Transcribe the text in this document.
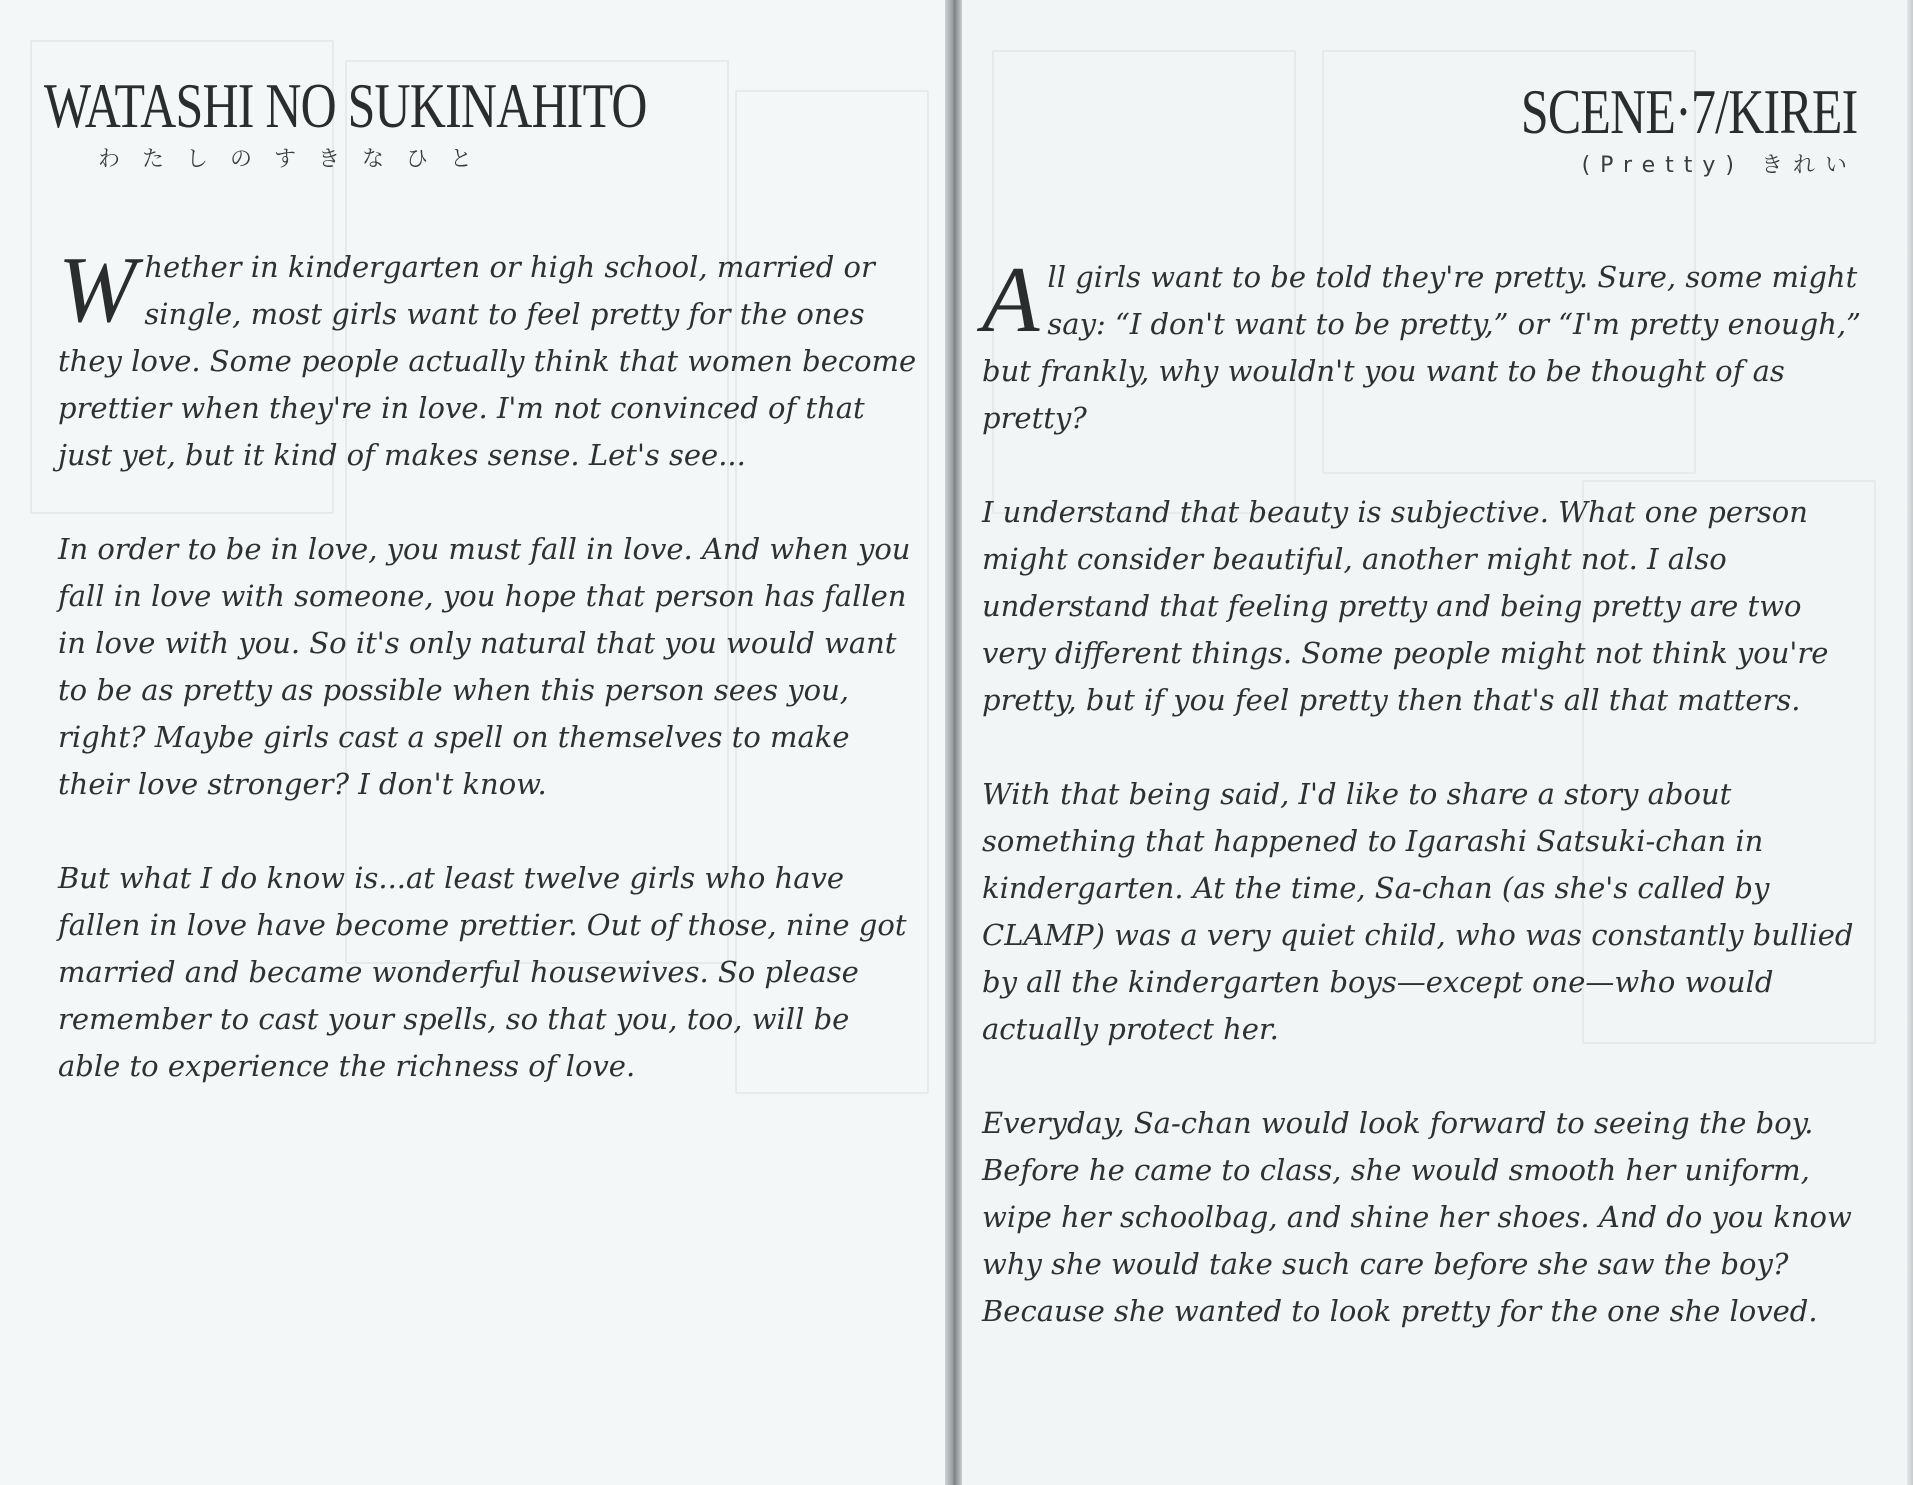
WATASHI NO SUKINAHITO
わたしのすきなひと

Whether in kindergarten or high school, married or single, most girls want to feel pretty for the ones they love. Some people actually think that women become prettier when they're in love. I'm not convinced of that just yet, but it kind of makes sense. Let's see...

In order to be in love, you must fall in love. And when you fall in love with someone, you hope that person has fallen in love with you. So it's only natural that you would want to be as pretty as possible when this person sees you, right? Maybe girls cast a spell on themselves to make their love stronger? I don't know.

But what I do know is...at least twelve girls who have fallen in love have become prettier. Out of those, nine got married and became wonderful housewives. So please remember to cast your spells, so that you, too, will be able to experience the richness of love.

SCENE·7/KIREI
(Pretty) きれい

All girls want to be told they're pretty. Sure, some might say: “I don't want to be pretty,” or “I'm pretty enough,” but frankly, why wouldn't you want to be thought of as pretty?

I understand that beauty is subjective. What one person might consider beautiful, another might not. I also understand that feeling pretty and being pretty are two very different things. Some people might not think you're pretty, but if you feel pretty then that's all that matters.

With that being said, I'd like to share a story about something that happened to Igarashi Satsuki-chan in kindergarten. At the time, Sa-chan (as she's called by CLAMP) was a very quiet child, who was constantly bullied by all the kindergarten boys—except one—who would actually protect her.

Everyday, Sa-chan would look forward to seeing the boy. Before he came to class, she would smooth her uniform, wipe her schoolbag, and shine her shoes. And do you know why she would take such care before she saw the boy? Because she wanted to look pretty for the one she loved.
